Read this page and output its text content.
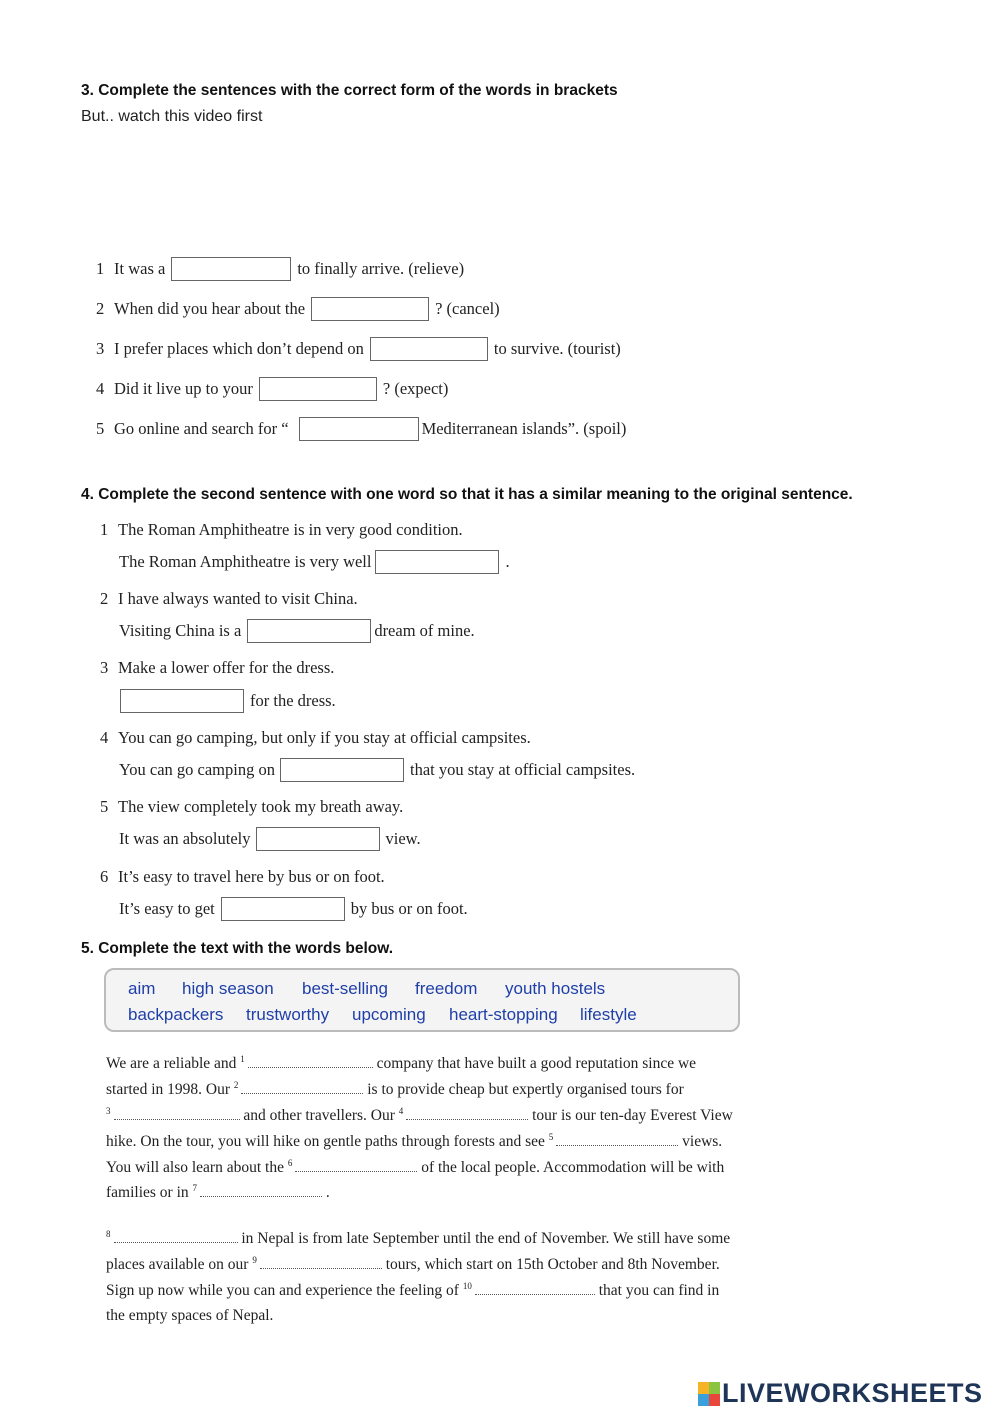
3. Complete the sentences with the correct form of the words in brackets
But.. watch this video first
1 It was a	to finally arrive. (relieve)
2 When did you hear about the	? (cancel)
3 I prefer places which don’t depend on	to survive. (tourist)
4 Did it live up to your	? (expect)
5 Go online and search for “	Mediterranean islands”. (spoil)
4. Complete the second sentence with one word so that it has a similar meaning to the original sentence.
1 The Roman Amphitheatre is in very good condition.
The Roman Amphitheatre is very well	.
2 I have always wanted to visit China.
Visiting China is a	dream of mine.
3 Make a lower offer for the dress.
for the dress.
4 You can go camping, but only if you stay at official campsites.
You can go camping on	that you stay at official campsites.
5 The view completely took my breath away.
It was an absolutely	view.
6 It’s easy to travel here by bus or on foot.
It’s easy to get	by bus or on foot.
5. Complete the text with the words below.
aim high season best-selling freedom youth hostels
backpackers trustworthy upcoming heart-stopping lifestyle
We are a reliable and $^1$	company that have built a good reputation since we
started in 1998. Our $^2$	is to provide cheap but expertly organised tours for
$^3$	and other travellers. Our $^4$	tour is our ten-day Everest View
hike. On the tour, you will hike on gentle paths through forests and see $^5$	views.
You will also learn about the $^6$	of the local people. Accommodation will be with
families or in $^7$	.
$^8$	in Nepal is from late September until the end of November. We still have some
places available on our $^9$	tours, which start on 15th October and 8th November.
Sign up now while you can and experience the feeling of $^{10}$	that you can find in
the empty spaces of Nepal.
LIVEWORKSHEETS
